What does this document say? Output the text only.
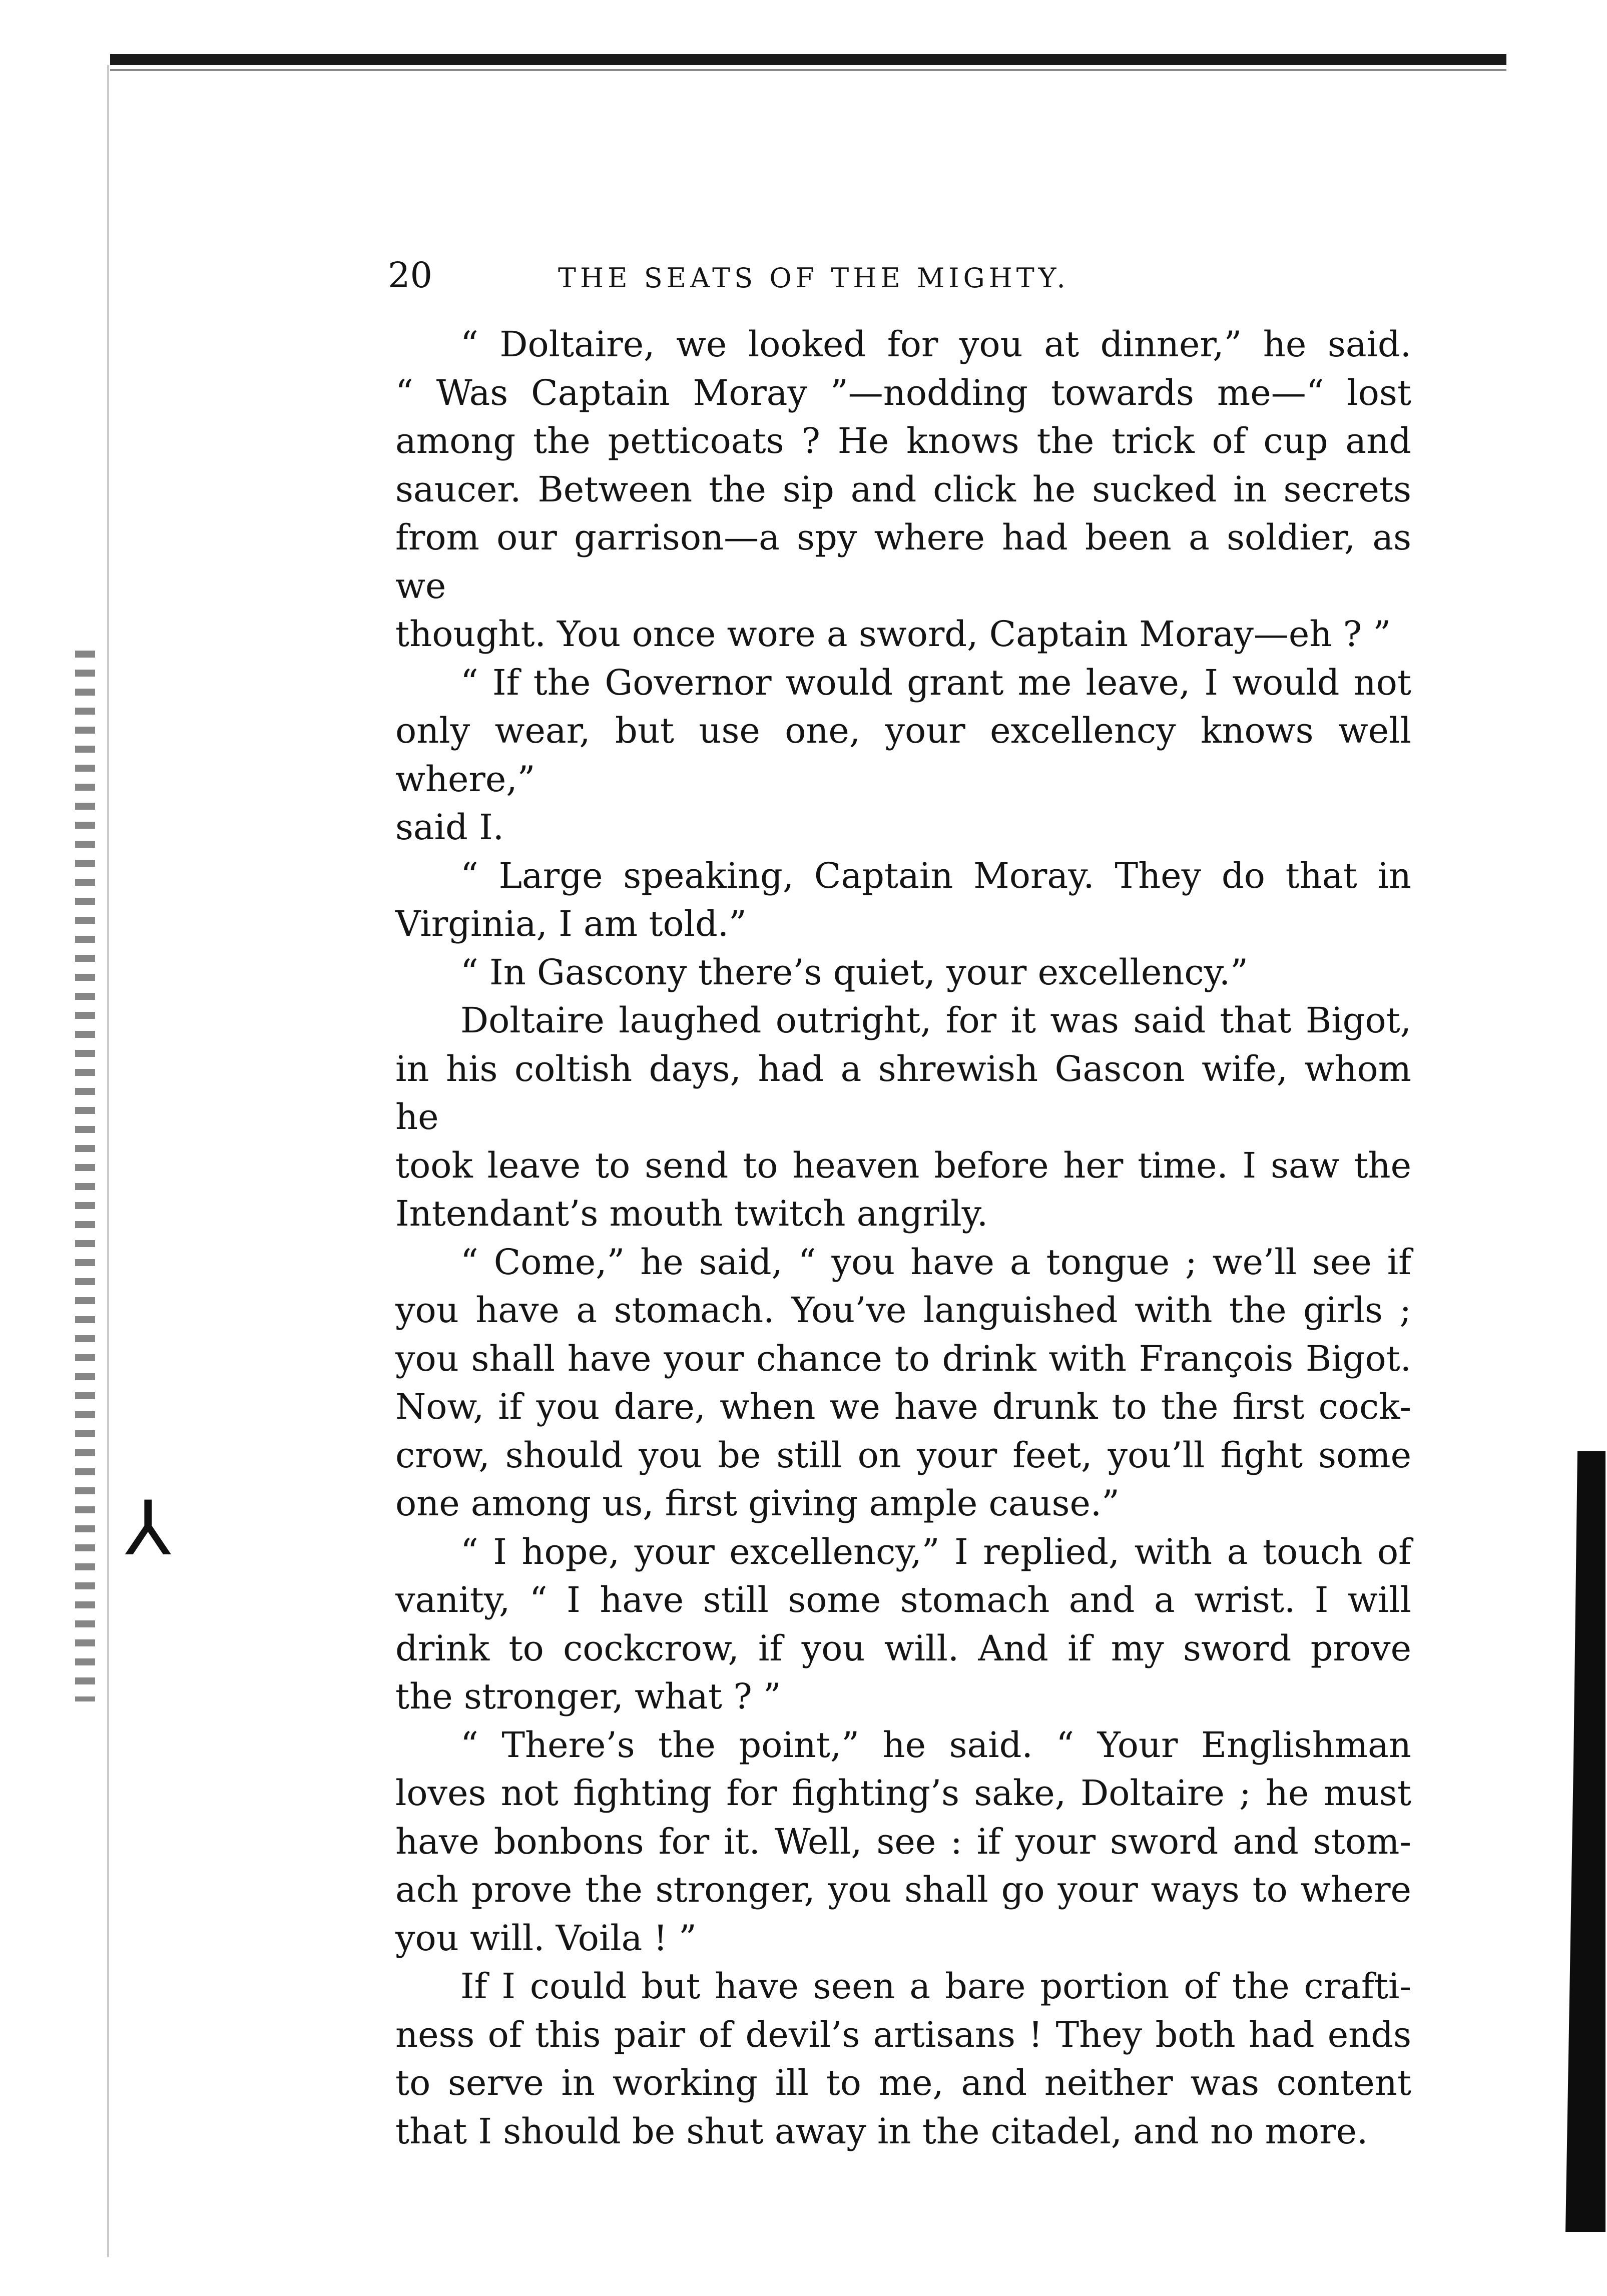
⅄
20	THE SEATS OF THE MIGHTY.

“ Doltaire, we looked for you at dinner,” he said.
“ Was Captain Moray ”—nodding towards me—“ lost
among the petticoats ? He knows the trick of cup and
saucer. Between the sip and click he sucked in secrets
from our garrison—a spy where had been a soldier, as we
thought. You once wore a sword, Captain Moray—eh ? ”

“ If the Governor would grant me leave, I would not
only wear, but use one, your excellency knows well where,”
said I.

“ Large speaking, Captain Moray. They do that in
Virginia, I am told.”

“ In Gascony there’s quiet, your excellency.”

Doltaire laughed outright, for it was said that Bigot,
in his coltish days, had a shrewish Gascon wife, whom he
took leave to send to heaven before her time. I saw the
Intendant’s mouth twitch angrily.

“ Come,” he said, “ you have a tongue ; we’ll see if
you have a stomach. You’ve languished with the girls ;
you shall have your chance to drink with François Bigot.
Now, if you dare, when we have drunk to the first cock-
crow, should you be still on your feet, you’ll fight some
one among us, first giving ample cause.”

“ I hope, your excellency,” I replied, with a touch of
vanity, “ I have still some stomach and a wrist. I will
drink to cockcrow, if you will. And if my sword prove
the stronger, what ? ”

“ There’s the point,” he said. “ Your Englishman
loves not fighting for fighting’s sake, Doltaire ; he must
have bonbons for it. Well, see : if your sword and stom-
ach prove the stronger, you shall go your ways to where
you will. Voila ! ”

If I could but have seen a bare portion of the crafti-
ness of this pair of devil’s artisans ! They both had ends
to serve in working ill to me, and neither was content
that I should be shut away in the citadel, and no more.
